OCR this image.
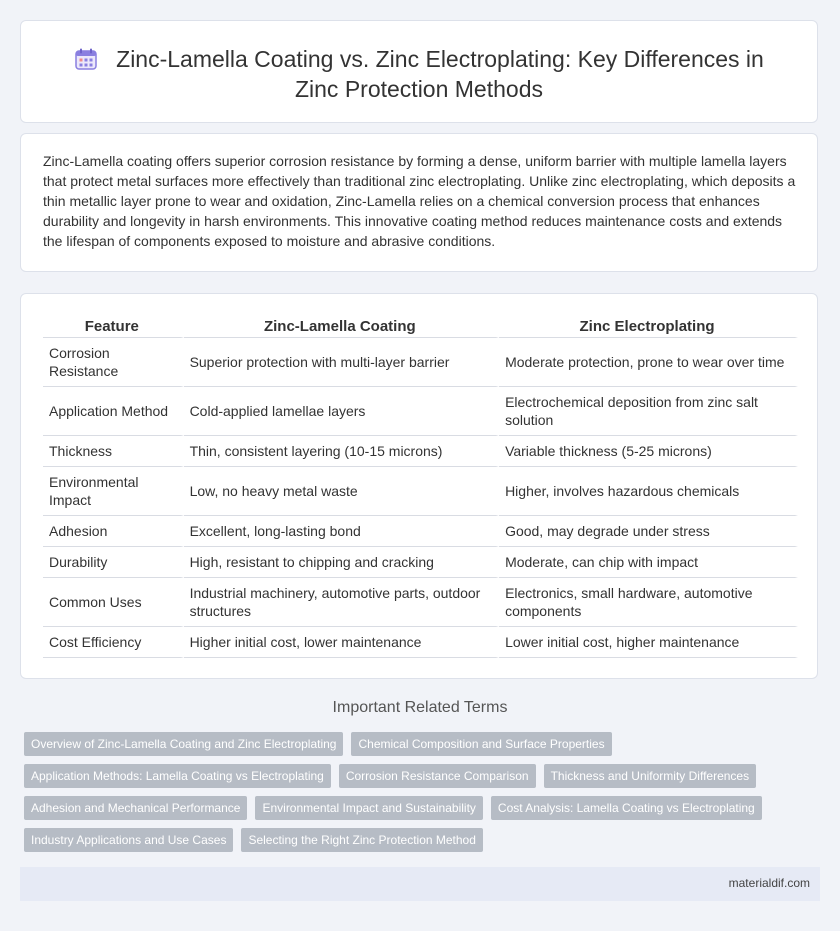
Zinc-Lamella Coating vs. Zinc Electroplating: Key Differences in
Zinc Protection Methods

Zinc-Lamella coating offers superior corrosion resistance by forming a dense, uniform barrier with multiple lamella layers that protect metal surfaces more effectively than traditional zinc electroplating. Unlike zinc electroplating, which deposits a thin metallic layer prone to wear and oxidation, Zinc-Lamella relies on a chemical conversion process that enhances durability and longevity in harsh environments. This innovative coating method reduces maintenance costs and extends the lifespan of components exposed to moisture and abrasive conditions.

Feature	Zinc-Lamella Coating	Zinc Electroplating
Corrosion Resistance	Superior protection with multi-layer barrier	Moderate protection, prone to wear over time
Application Method	Cold-applied lamellae layers	Electrochemical deposition from zinc salt solution
Thickness	Thin, consistent layering (10-15 microns)	Variable thickness (5-25 microns)
Environmental Impact	Low, no heavy metal waste	Higher, involves hazardous chemicals
Adhesion	Excellent, long-lasting bond	Good, may degrade under stress
Durability	High, resistant to chipping and cracking	Moderate, can chip with impact
Common Uses	Industrial machinery, automotive parts, outdoor structures	Electronics, small hardware, automotive components
Cost Efficiency	Higher initial cost, lower maintenance	Lower initial cost, higher maintenance
Important Related Terms
Overview of Zinc-Lamella Coating and Zinc Electroplating	Chemical Composition and Surface Properties
Application Methods: Lamella Coating vs Electroplating	Corrosion Resistance Comparison	Thickness and Uniformity Differences
Adhesion and Mechanical Performance	Environmental Impact and Sustainability	Cost Analysis: Lamella Coating vs Electroplating
Industry Applications and Use Cases	Selecting the Right Zinc Protection Method
materialdif.com
